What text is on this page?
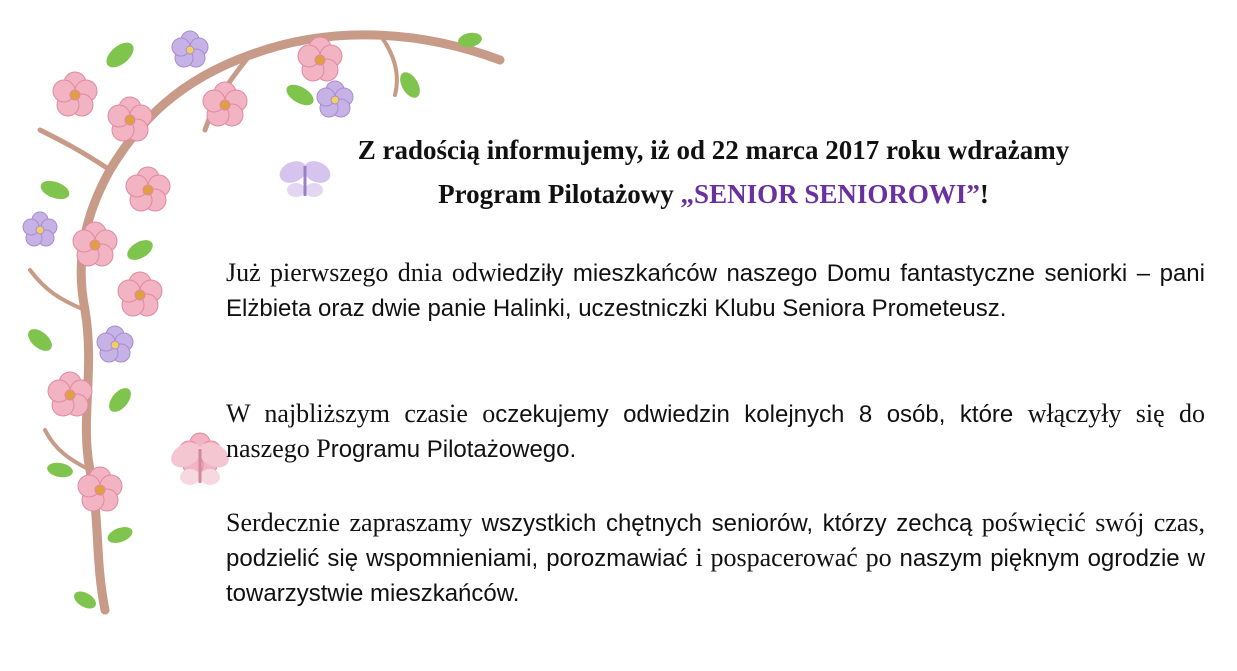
Z radością informujemy, iż od 22 marca 2017 roku wdrażamy
Program Pilotażowy „SENIOR SENIOROWI”!
Już pierwszego dnia odwiedziły mieszkańców naszego Domu fantastyczne seniorki – pani Elżbieta oraz dwie panie Halinki, uczestniczki Klubu Seniora Prometeusz.
W najbliższym czasie oczekujemy odwiedzin kolejnych 8 osób, które włączyły się do naszego Programu Pilotażowego.
Serdecznie zapraszamy wszystkich chętnych seniorów, którzy zechcą poświęcić swój czas, podzielić się wspomnieniami, porozmawiać i pospacerować po naszym pięknym ogrodzie w towarzystwie mieszkańców.
